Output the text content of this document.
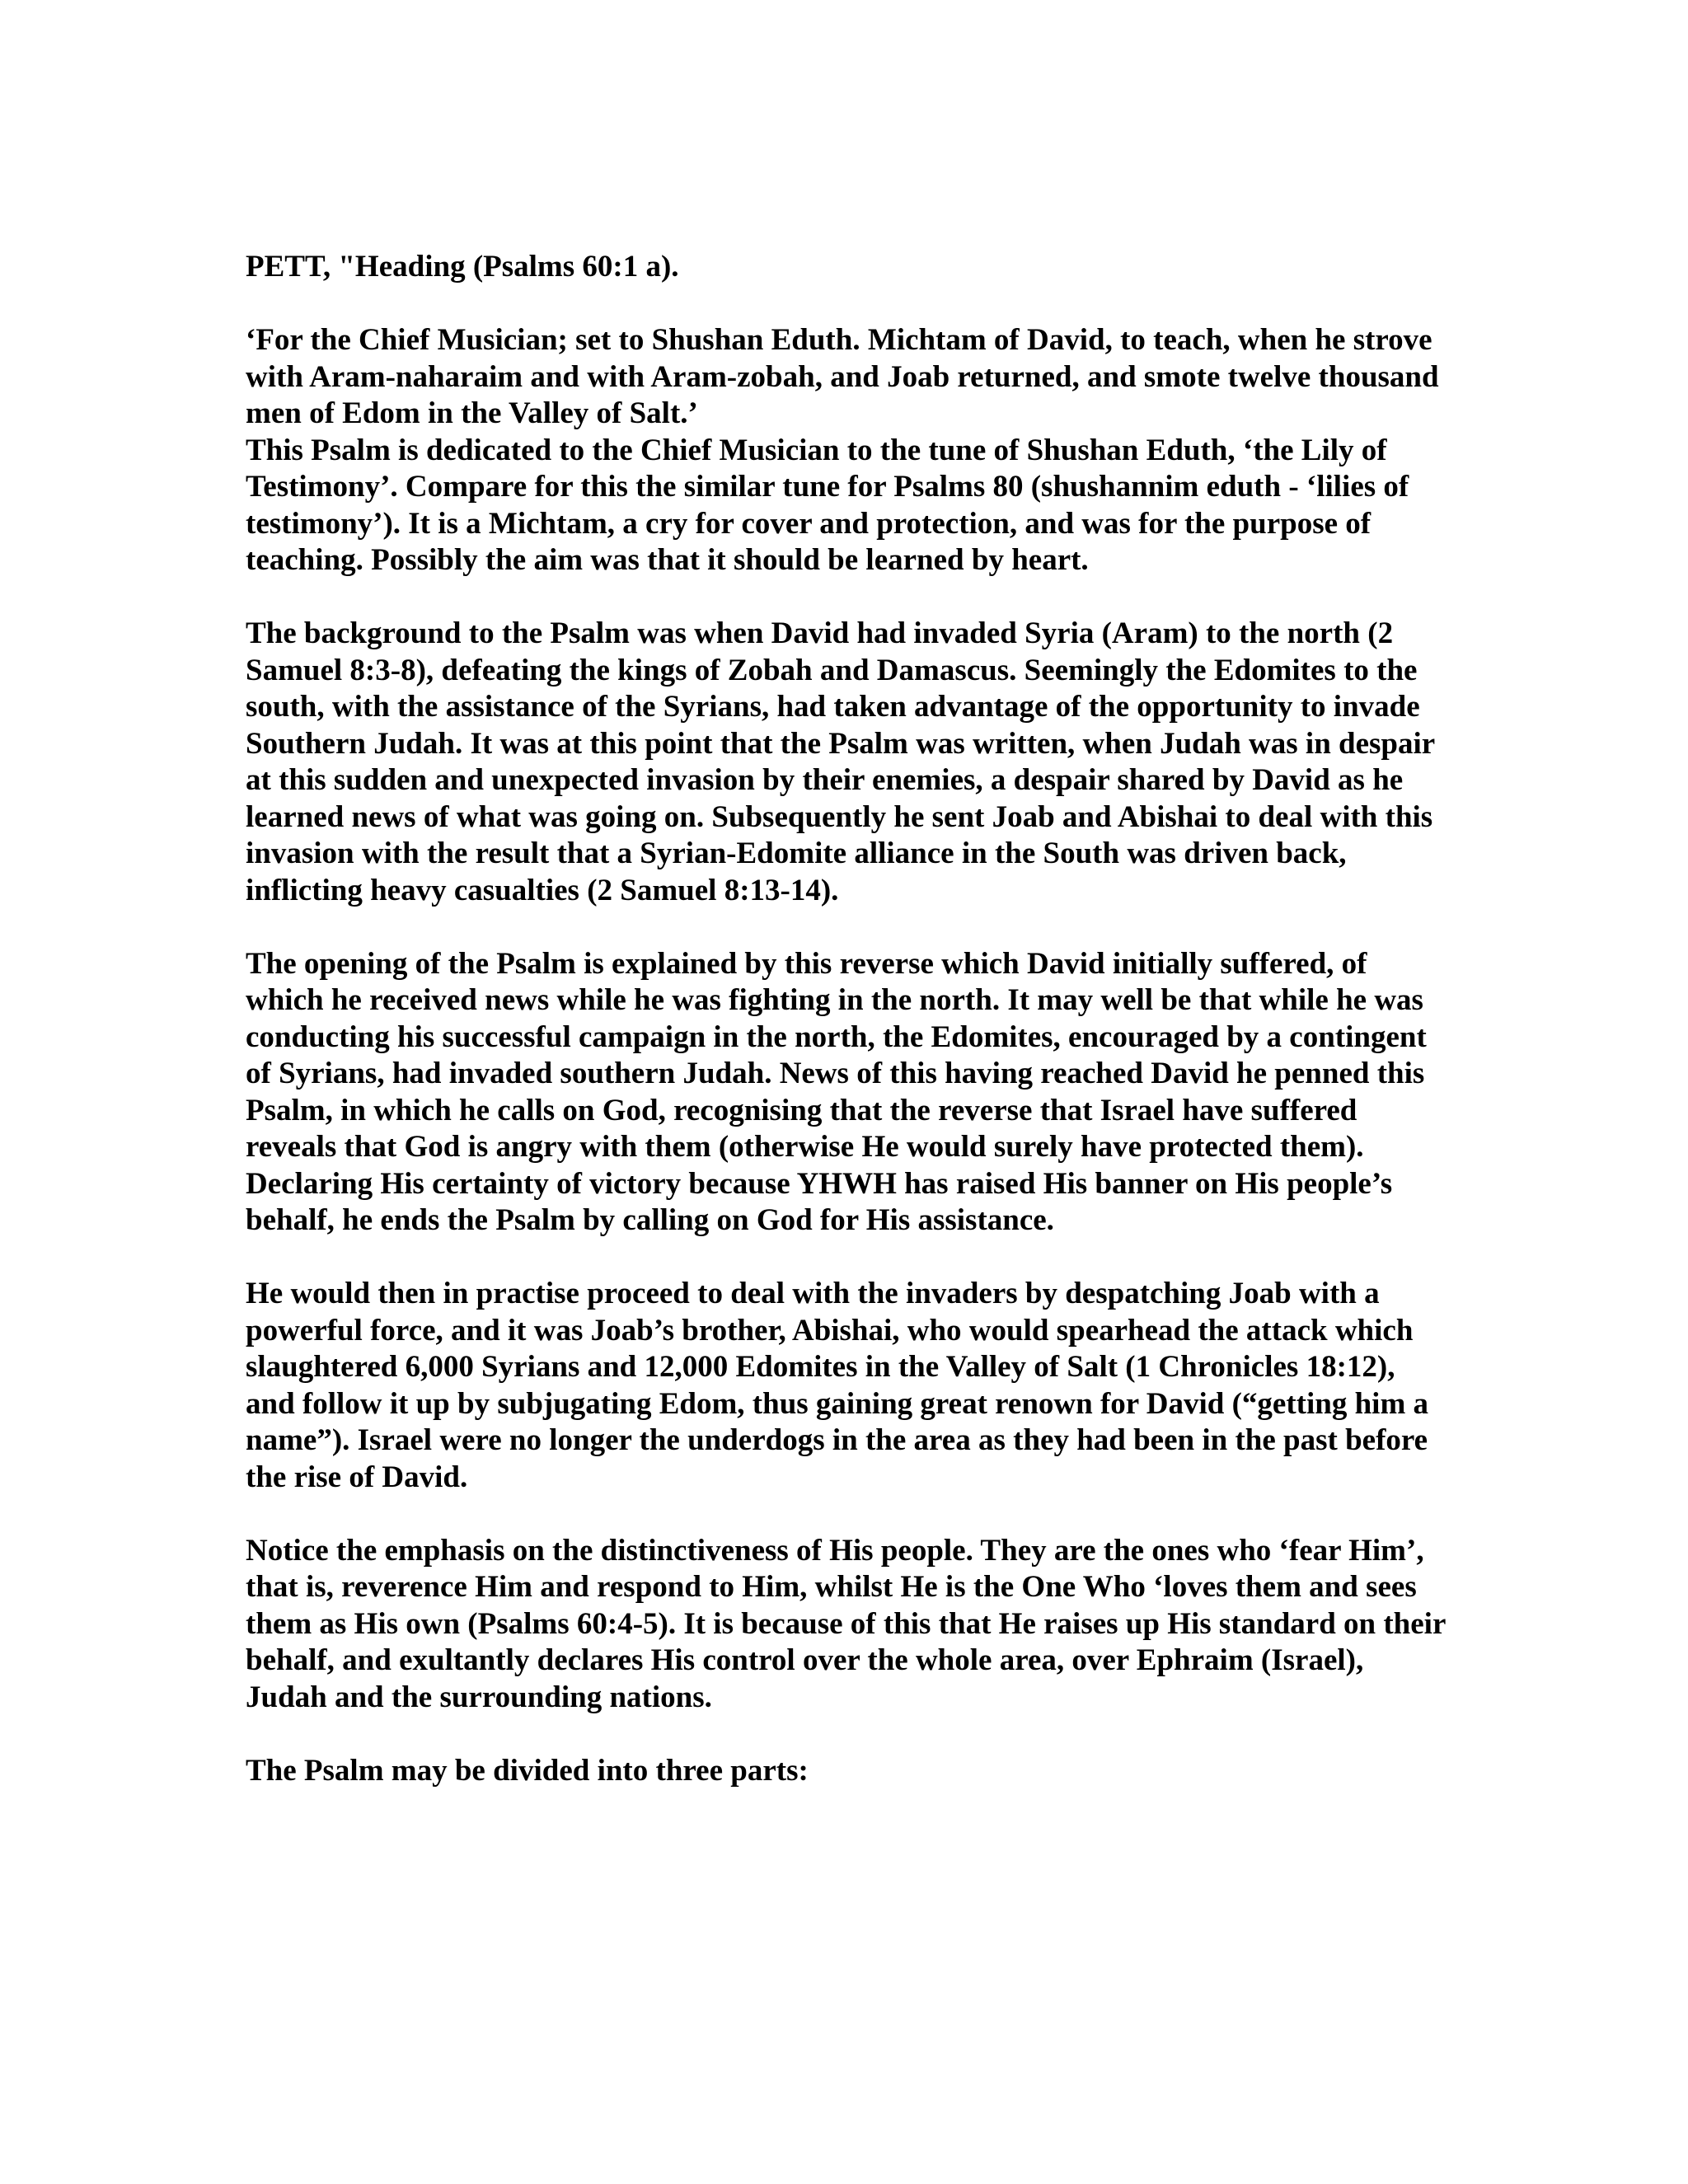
PETT, "Heading (Psalms 60:1 a).

‘For the Chief Musician; set to Shushan Eduth. Michtam of David, to teach, when he strove with Aram-naharaim and with Aram-zobah, and Joab returned, and smote twelve thousand men of Edom in the Valley of Salt.’

This Psalm is dedicated to the Chief Musician to the tune of Shushan Eduth, ‘the Lily of Testimony’. Compare for this the similar tune for Psalms 80 (shushannim eduth - ‘lilies of testimony’). It is a Michtam, a cry for cover and protection, and was for the purpose of teaching. Possibly the aim was that it should be learned by heart.

The background to the Psalm was when David had invaded Syria (Aram) to the north (2 Samuel 8:3-8), defeating the kings of Zobah and Damascus. Seemingly the Edomites to the south, with the assistance of the Syrians, had taken advantage of the opportunity to invade Southern Judah. It was at this point that the Psalm was written, when Judah was in despair at this sudden and unexpected invasion by their enemies, a despair shared by David as he learned news of what was going on. Subsequently he sent Joab and Abishai to deal with this invasion with the result that a Syrian-Edomite alliance in the South was driven back, inflicting heavy casualties (2 Samuel 8:13-14).

The opening of the Psalm is explained by this reverse which David initially suffered, of which he received news while he was fighting in the north. It may well be that while he was conducting his successful campaign in the north, the Edomites, encouraged by a contingent of Syrians, had invaded southern Judah. News of this having reached David he penned this Psalm, in which he calls on God, recognising that the reverse that Israel have suffered reveals that God is angry with them (otherwise He would surely have protected them). Declaring His certainty of victory because YHWH has raised His banner on His people’s behalf, he ends the Psalm by calling on God for His assistance.

He would then in practise proceed to deal with the invaders by despatching Joab with a powerful force, and it was Joab’s brother, Abishai, who would spearhead the attack which slaughtered 6,000 Syrians and 12,000 Edomites in the Valley of Salt (1 Chronicles 18:12), and follow it up by subjugating Edom, thus gaining great renown for David (“getting him a name”). Israel were no longer the underdogs in the area as they had been in the past before the rise of David.

Notice the emphasis on the distinctiveness of His people. They are the ones who ‘fear Him’, that is, reverence Him and respond to Him, whilst He is the One Who ‘loves them and sees them as His own (Psalms 60:4-5). It is because of this that He raises up His standard on their behalf, and exultantly declares His control over the whole area, over Ephraim (Israel), Judah and the surrounding nations.

The Psalm may be divided into three parts:
